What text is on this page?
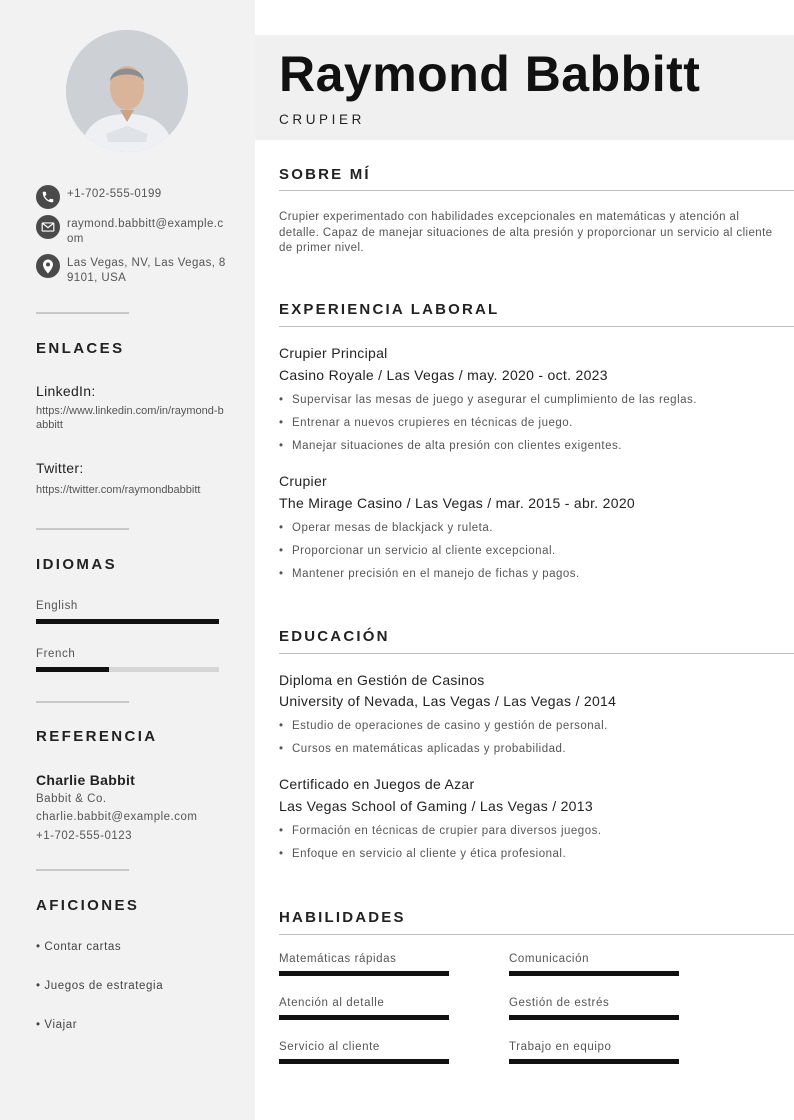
+1-702-555-0199
raymond.babbitt@example.com
Las Vegas, NV, Las Vegas, 89101, USA
ENLACES
LinkedIn:
https://www.linkedin.com/in/raymond-babbitt
Twitter:
https://twitter.com/raymondbabbitt
IDIOMAS
English
French
REFERENCIA
Charlie Babbit
Babbit & Co.
charlie.babbit@example.com
+1-702-555-0123
AFICIONES
• Contar cartas
• Juegos de estrategia
• Viajar
Raymond Babbitt
CRUPIER
SOBRE MÍ
Crupier experimentado con habilidades excepcionales en matemáticas y atención al detalle. Capaz de manejar situaciones de alta presión y proporcionar un servicio al cliente de primer nivel.
EXPERIENCIA LABORAL
Crupier Principal
Casino Royale / Las Vegas / may. 2020 - oct. 2023
• Supervisar las mesas de juego y asegurar el cumplimiento de las reglas.
• Entrenar a nuevos crupieres en técnicas de juego.
• Manejar situaciones de alta presión con clientes exigentes.
Crupier
The Mirage Casino / Las Vegas / mar. 2015 - abr. 2020
• Operar mesas de blackjack y ruleta.
• Proporcionar un servicio al cliente excepcional.
• Mantener precisión en el manejo de fichas y pagos.
EDUCACIÓN
Diploma en Gestión de Casinos
University of Nevada, Las Vegas / Las Vegas / 2014
• Estudio de operaciones de casino y gestión de personal.
• Cursos en matemáticas aplicadas y probabilidad.
Certificado en Juegos de Azar
Las Vegas School of Gaming / Las Vegas / 2013
• Formación en técnicas de crupier para diversos juegos.
• Enfoque en servicio al cliente y ética profesional.
HABILIDADES
Matemáticas rápidas	Comunicación
Atención al detalle	Gestión de estrés
Servicio al cliente	Trabajo en equipo
